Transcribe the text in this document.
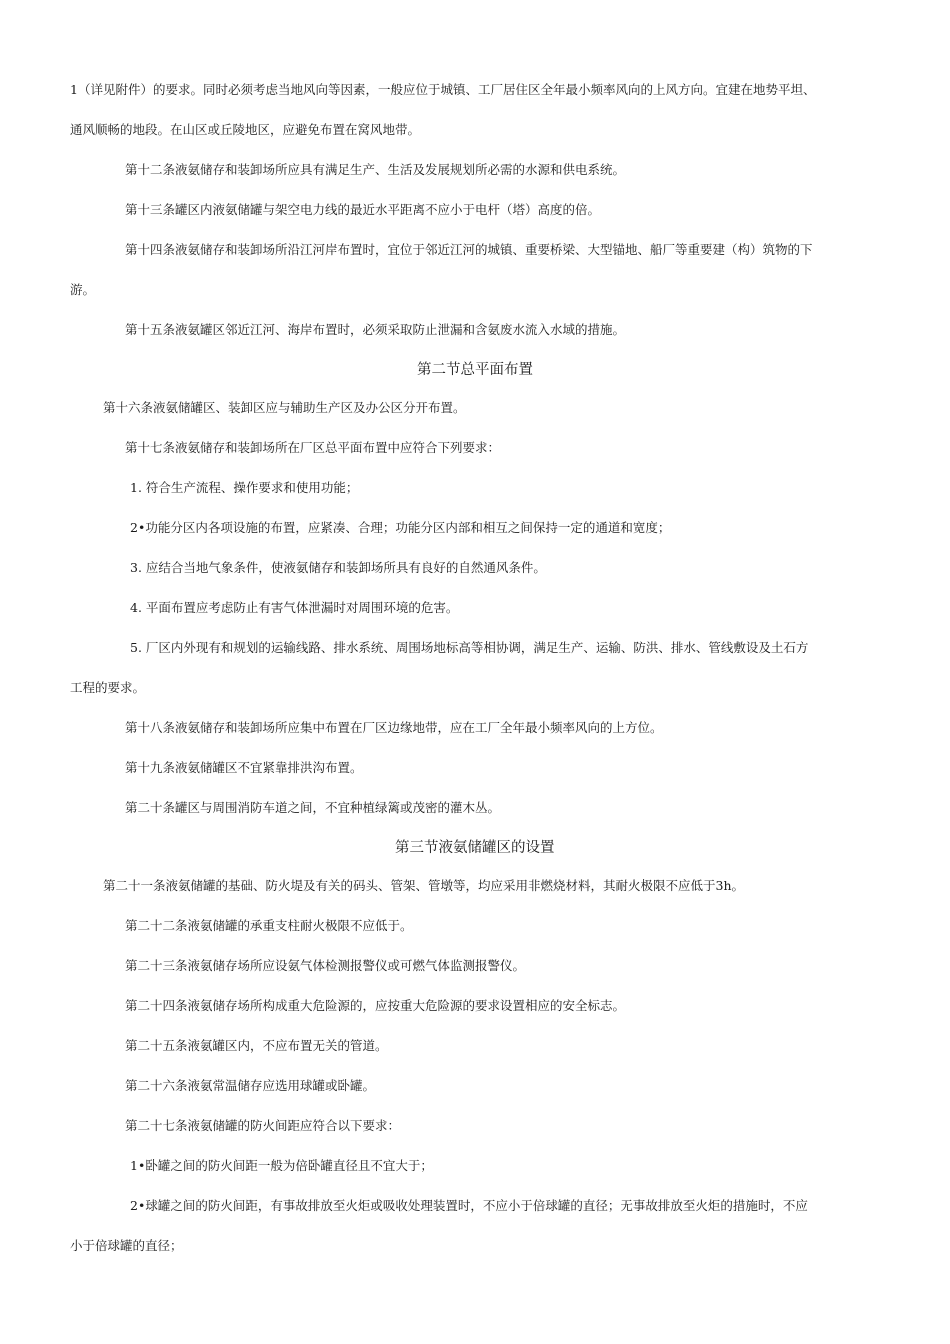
1（详见附件）的要求。同时必须考虑当地风向等因素，一般应位于城镇、工厂居住区全年最小频率风向的上风方向。宜建在地势平坦、
通风顺畅的地段。在山区或丘陵地区，应避免布置在窝风地带。
第十二条液氨储存和装卸场所应具有满足生产、生活及发展规划所必需的水源和供电系统。
第十三条罐区内液氨储罐与架空电力线的最近水平距离不应小于电杆（塔）高度的倍。
第十四条液氨储存和装卸场所沿江河岸布置时，宜位于邻近江河的城镇、重要桥梁、大型锚地、船厂等重要建（构）筑物的下
游。
第十五条液氨罐区邻近江河、海岸布置时，必须采取防止泄漏和含氨废水流入水域的措施。
第二节总平面布置
第十六条液氨储罐区、装卸区应与辅助生产区及办公区分开布置。
第十七条液氨储存和装卸场所在厂区总平面布置中应符合下列要求：
1. 符合生产流程、操作要求和使用功能；
2•功能分区内各项设施的布置，应紧凑、合理；功能分区内部和相互之间保持一定的通道和宽度；
3. 应结合当地气象条件，使液氨储存和装卸场所具有良好的自然通风条件。
4. 平面布置应考虑防止有害气体泄漏时对周围环境的危害。
5. 厂区内外现有和规划的运输线路、排水系统、周围场地标高等相协调，满足生产、运输、防洪、排水、管线敷设及土石方
工程的要求。
第十八条液氨储存和装卸场所应集中布置在厂区边缘地带，应在工厂全年最小频率风向的上方位。
第十九条液氨储罐区不宜紧靠排洪沟布置。
第二十条罐区与周围消防车道之间，不宜种植绿篱或茂密的灌木丛。
第三节液氨储罐区的设置
第二十一条液氨储罐的基础、防火堤及有关的码头、管架、管墩等，均应采用非燃烧材料，其耐火极限不应低于3h。
第二十二条液氨储罐的承重支柱耐火极限不应低于。
第二十三条液氨储存场所应设氨气体检测报警仪或可燃气体监测报警仪。
第二十四条液氨储存场所构成重大危险源的，应按重大危险源的要求设置相应的安全标志。
第二十五条液氨罐区内，不应布置无关的管道。
第二十六条液氨常温储存应选用球罐或卧罐。
第二十七条液氨储罐的防火间距应符合以下要求：
1•卧罐之间的防火间距一般为倍卧罐直径且不宜大于；
2•球罐之间的防火间距，有事故排放至火炬或吸收处理装置时，不应小于倍球罐的直径；无事故排放至火炬的措施时，不应
小于倍球罐的直径；
